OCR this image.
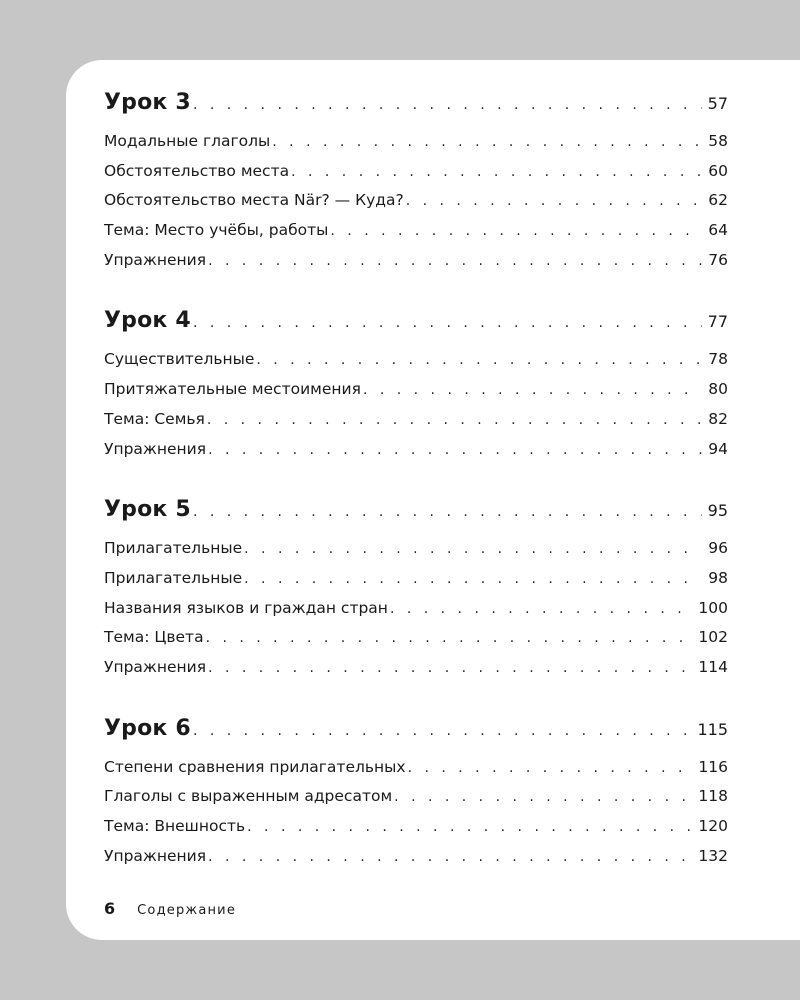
Урок 3 . . .	57
Модальные глаголы . . .	58
Обстоятельство места . . .	60
Обстоятельство места När? — Куда? . . .	62
Тема: Место учёбы, работы . . .	64
Упражнения . . .	76
Урок 4 . . .	77
Существительные . . .	78
Притяжательные местоимения . . .	80
Тема: Семья . . .	82
Упражнения . . .	94
Урок 5 . . .	95
Прилагательные . . .	96
Прилагательные . . .	98
Названия языков и граждан стран . . .	100
Тема: Цвета . . .	102
Упражнения . . .	114
Урок 6 . . .	115
Степени сравнения прилагательных . . .	116
Глаголы с выраженным адресатом . . .	118
Тема: Внешность . . .	120
Упражнения . . .	132
6 Содержание
